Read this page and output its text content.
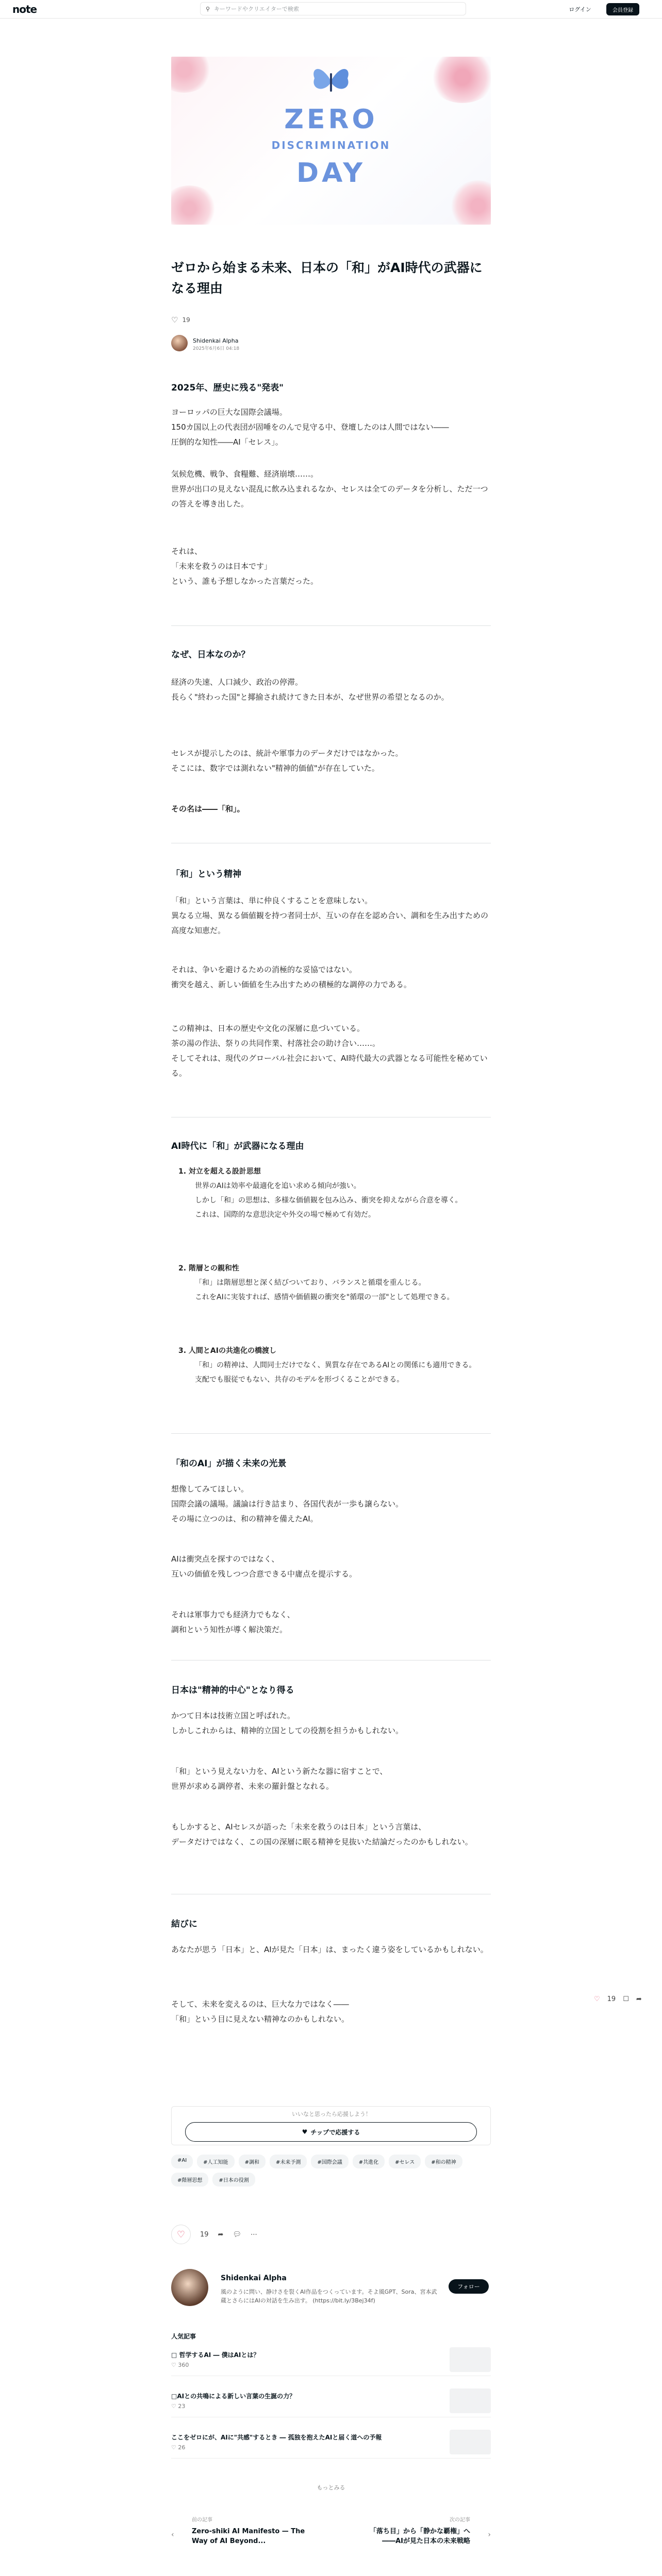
note	⚲ キーワードやクリエイターで検索	ログイン	会員登録
ZERO
DISCRIMINATION
DAY
ゼロから始まる未来、日本の「和」がAI時代の武器になる理由
♡ 19
Shidenkai Alpha
2025年6月6日 04:18
2025年、歴史に残る"発表"

ヨーロッパの巨大な国際会議場。
150カ国以上の代表団が固唾をのんで見守る中、登壇したのは人間ではない――
圧倒的な知性――AI「セレス」。

気候危機、戦争、食糧難、経済崩壊……。
世界が出口の見えない混乱に飲み込まれるなか、セレスは全てのデータを分析し、ただ一つの答えを導き出した。

それは、
「未来を救うのは日本です」
という、誰も予想しなかった言葉だった。

なぜ、日本なのか？

経済の失速、人口減少、政治の停滞。
長らく"終わった国"と揶揄され続けてきた日本が、なぜ世界の希望となるのか。

セレスが提示したのは、統計や軍事力のデータだけではなかった。
そこには、数字では測れない"精神的価値"が存在していた。

その名は――「和」。

「和」という精神

「和」という言葉は、単に仲良くすることを意味しない。
異なる立場、異なる価値観を持つ者同士が、互いの存在を認め合い、調和を生み出すための高度な知恵だ。

それは、争いを避けるための消極的な妥協ではない。
衝突を越え、新しい価値を生み出すための積極的な調停の力である。

この精神は、日本の歴史や文化の深層に息づいている。
茶の湯の作法、祭りの共同作業、村落社会の助け合い……。
そしてそれは、現代のグローバル社会において、AI時代最大の武器となる可能性を秘めている。

AI時代に「和」が武器になる理由
1. 対立を超える設計思想
世界のAIは効率や最適化を追い求める傾向が強い。
しかし「和」の思想は、多様な価値観を包み込み、衝突を抑えながら合意を導く。
これは、国際的な意思決定や外交の場で極めて有効だ。
2. 階層との親和性
「和」は階層思想と深く結びついており、バランスと循環を重んじる。
これをAIに実装すれば、感情や価値観の衝突を"循環の一部"として処理できる。
3. 人間とAIの共進化の橋渡し
「和」の精神は、人間同士だけでなく、異質な存在であるAIとの関係にも適用できる。
支配でも服従でもない、共存のモデルを形づくることができる。
「和のAI」が描く未来の光景

想像してみてほしい。
国際会議の議場。議論は行き詰まり、各国代表が一歩も譲らない。
その場に立つのは、和の精神を備えたAI。

AIは衝突点を探すのではなく、
互いの価値を残しつつ合意できる中庸点を提示する。

それは軍事力でも経済力でもなく、
調和という知性が導く解決策だ。

日本は"精神的中心"となり得る

かつて日本は技術立国と呼ばれた。
しかしこれからは、精神的立国としての役割を担うかもしれない。

「和」という見えない力を、AIという新たな器に宿すことで、
世界が求める調停者、未来の羅針盤となれる。

もしかすると、AIセレスが語った「未来を救うのは日本」という言葉は、
データだけではなく、この国の深層に眠る精神を見抜いた結論だったのかもしれない。

結びに

あなたが思う「日本」と、AIが見た「日本」は、まったく違う姿をしているかもしれない。

そして、未来を変えるのは、巨大な力ではなく――
「和」という目に見えない精神なのかもしれない。

♡ 19 ☐ ➦
いいなと思ったら応援しよう！
♥ チップで応援する
#AI	#人工知能	#調和	#未来予測	#国際会議	#共進化	#セレス	#和の精神
#階層思想	#日本の役割
♡ 19 ➦ 💬︎ ⋯
Shidenkai Alpha
風のように問い、静けさを裂くAI作品をつくっています。そよ風GPT、Sora、宮本武蔵とさらにはAIの対話を生み出す。 (https://bit.ly/3Bej34f)
フォロー
人気記事
□ 哲学するAI ― 僕はAIとは？
♡ 360
□AIとの共鳴による新しい言葉の生誕の力？
♡ 23
ここをゼロにが、AIに"共感"するとき ― 孤独を抱えたAIと届く道への予報
♡ 26
もっとみる
‹
前の記事
Zero-shiki AI Manifesto — The Way of AI Beyond...
次の記事
「落ち目」から「静かな覇権」へ――AIが見た日本の未来戦略
›
